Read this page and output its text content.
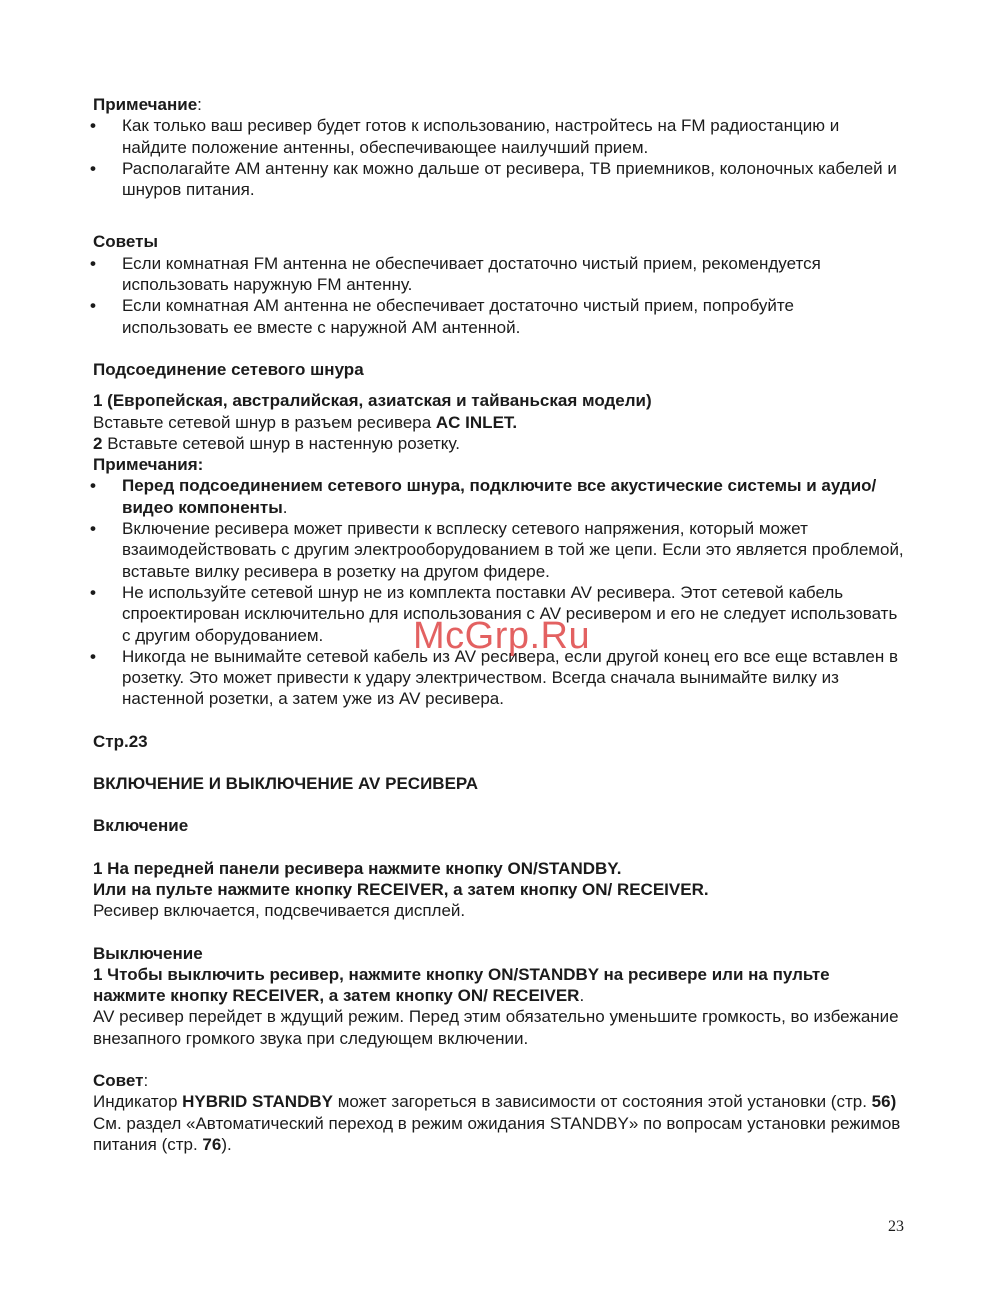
Примечание:

• Как только ваш ресивер будет готов к использованию, настройтесь на FM радиостанцию и найдите положение антенны, обеспечивающее наилучший прием.
• Располагайте АМ антенну как можно дальше от ресивера, ТВ приемников, колоночных кабелей и шнуров питания.

Советы

• Если комнатная FM антенна не обеспечивает достаточно чистый прием, рекомендуется использовать наружную FM антенну.
• Если комнатная AM антенна не обеспечивает достаточно чистый прием, попробуйте использовать ее вместе с наружной AM антенной.

Подсоединение сетевого шнура

1 (Европейская, австралийская, азиатская и тайваньская модели)

Вставьте сетевой шнур в разъем ресивера AC INLET.

2 Вставьте сетевой шнур в настенную розетку.

Примечания:

• Перед подсоединением сетевого шнура, подключите все акустические системы и аудио/видео компоненты.
• Включение ресивера может привести к всплеску сетевого напряжения, который может взаимодействовать с другим электрооборудованием в той же цепи. Если это является проблемой, вставьте вилку ресивера в розетку на другом фидере.
• Не используйте сетевой шнур не из комплекта поставки AV ресивера. Этот сетевой кабель спроектирован исключительно для использования с AV ресивером и его не следует использовать с другим оборудованием.
• Никогда не вынимайте сетевой кабель из AV ресивера, если другой конец его все еще вставлен в розетку. Это может привести к удару электричеством. Всегда сначала вынимайте вилку из настенной розетки, а затем уже из AV ресивера.

Стр.23

ВКЛЮЧЕНИЕ И ВЫКЛЮЧЕНИЕ AV РЕСИВЕРА

Включение

1 На передней панели ресивера нажмите кнопку ON/STANDBY.

Или на пульте нажмите кнопку RECEIVER, а затем кнопку ON/ RECEIVER.

Ресивер включается, подсвечивается дисплей.

Выключение

1 Чтобы выключить ресивер, нажмите кнопку ON/STANDBY на ресивере или на пульте нажмите кнопку RECEIVER, а затем кнопку ON/ RECEIVER.

AV ресивер перейдет в ждущий режим. Перед этим обязательно уменьшите громкость, во избежание внезапного громкого звука при следующем включении.

Совет:

Индикатор HYBRID STANDBY может загореться в зависимости от состояния этой установки (стр. 56)

См. раздел «Автоматический переход в режим ожидания STANDBY» по вопросам установки режимов питания (стр. 76).

McGrp.Ru
23
